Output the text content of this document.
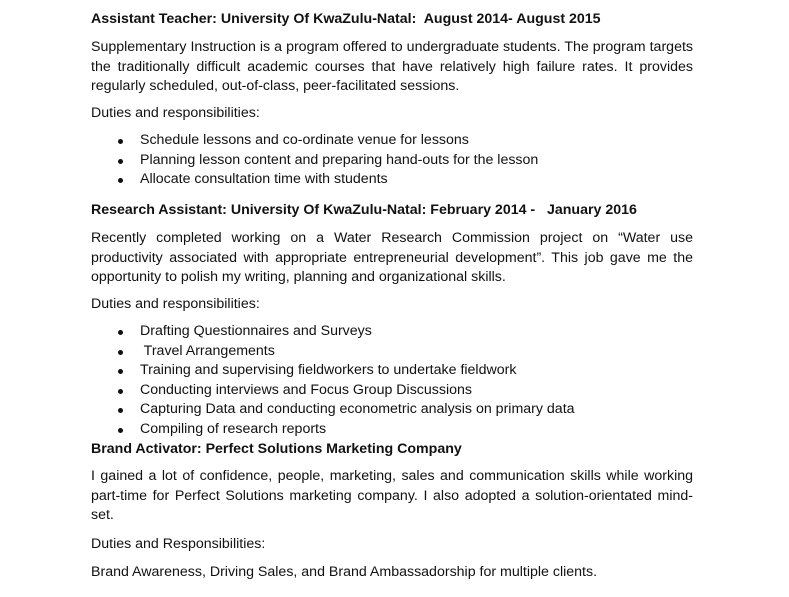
Assistant Teacher: University Of KwaZulu-Natal:  August 2014- August 2015
Supplementary Instruction is a program offered to undergraduate students. The program targets the traditionally difficult academic courses that have relatively high failure rates. It provides regularly scheduled, out-of-class, peer-facilitated sessions.
Duties and responsibilities:
Schedule lessons and co-ordinate venue for lessons
Planning lesson content and preparing hand-outs for the lesson
Allocate consultation time with students
Research Assistant: University Of KwaZulu-Natal: February 2014 -   January 2016
Recently completed working on a Water Research Commission project on “Water use productivity associated with appropriate entrepreneurial development”. This job gave me the opportunity to polish my writing, planning and organizational skills.
Duties and responsibilities:
Drafting Questionnaires and Surveys
Travel Arrangements
Training and supervising fieldworkers to undertake fieldwork
Conducting interviews and Focus Group Discussions
Capturing Data and conducting econometric analysis on primary data
Compiling of research reports
Brand Activator: Perfect Solutions Marketing Company
I gained a lot of confidence, people, marketing, sales and communication skills while working part-time for Perfect Solutions marketing company. I also adopted a solution-orientated mind-set.
Duties and Responsibilities:
Brand Awareness, Driving Sales, and Brand Ambassadorship for multiple clients.
